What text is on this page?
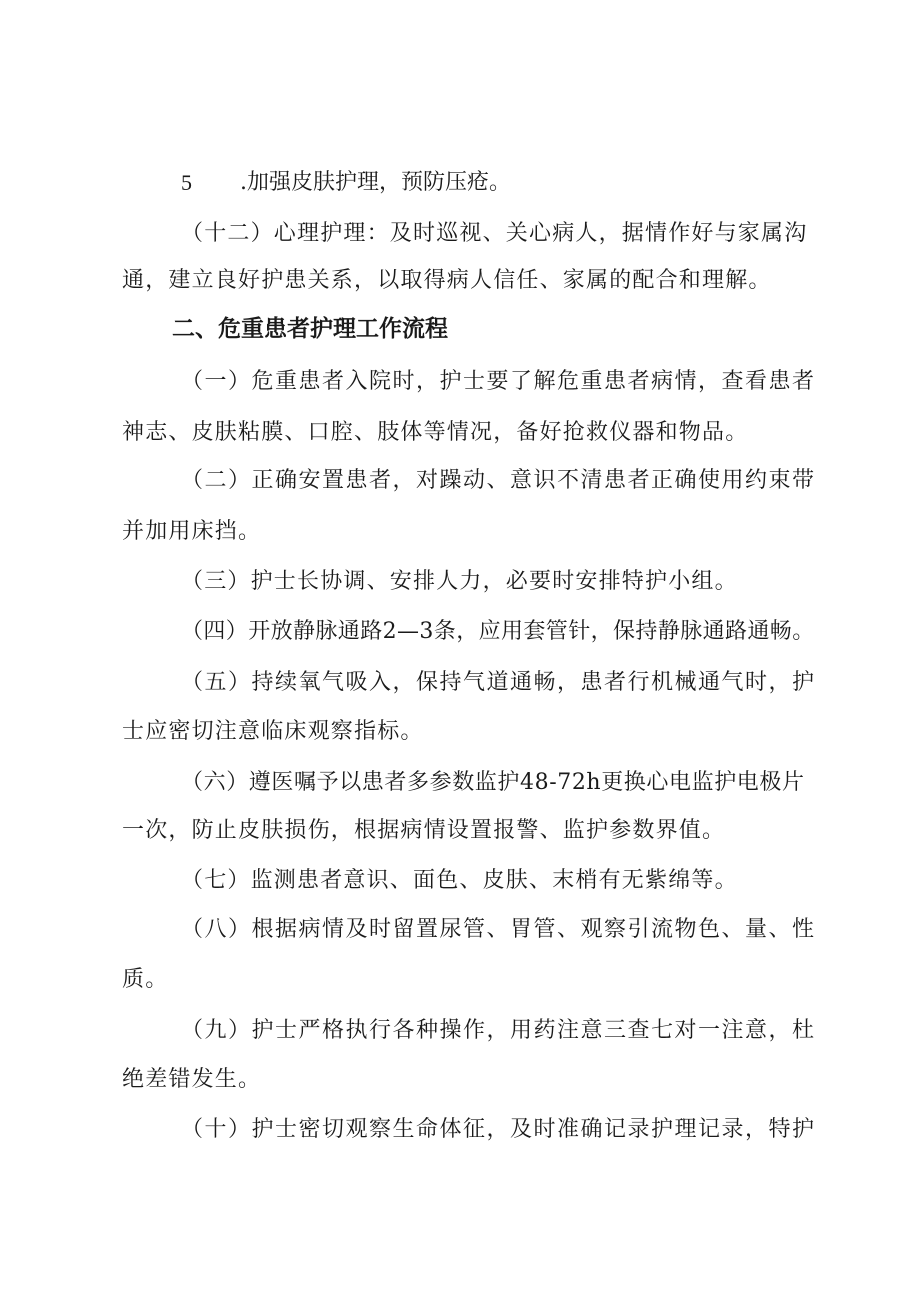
5 .加强皮肤护理，预防压疮。
（十二）心理护理：及时巡视、关心病人，据情作好与家属沟
通，建立良好护患关系，以取得病人信任、家属的配合和理解。
二、危重患者护理工作流程
（一）危重患者入院时，护士要了解危重患者病情，查看患者
神志、皮肤粘膜、口腔、肢体等情况，备好抢救仪器和物品。
（二）正确安置患者，对躁动、意识不清患者正确使用约束带
并加用床挡。
（三）护士长协调、安排人力，必要时安排特护小组。
（四）开放静脉通路2—3条，应用套管针，保持静脉通路通畅。
（五）持续氧气吸入，保持气道通畅，患者行机械通气时，护
士应密切注意临床观察指标。
（六）遵医嘱予以患者多参数监护48-72h更换心电监护电极片
一次，防止皮肤损伤，根据病情设置报警、监护参数界值。
（七）监测患者意识、面色、皮肤、末梢有无紫绵等。
（八）根据病情及时留置尿管、胃管、观察引流物色、量、性
质。
（九）护士严格执行各种操作，用药注意三查七对一注意，杜
绝差错发生。
（十）护士密切观察生命体征，及时准确记录护理记录，特护
